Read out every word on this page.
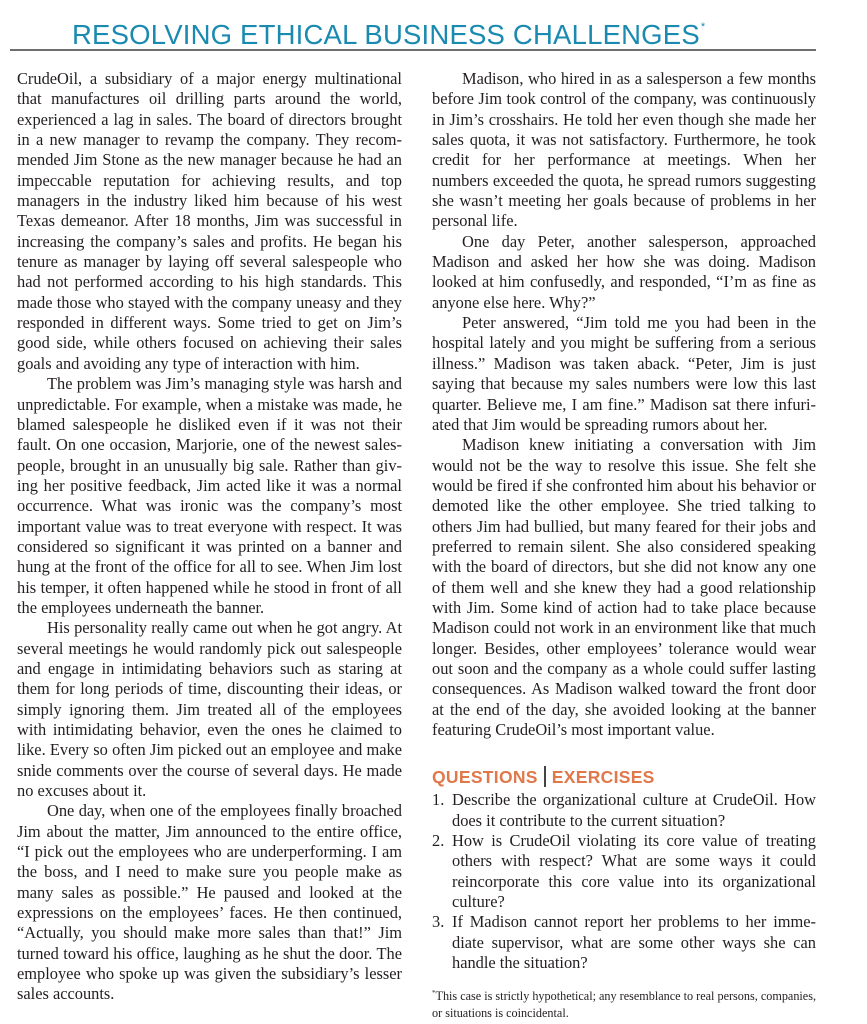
RESOLVING ETHICAL BUSINESS CHALLENGES*

CrudeOil, a subsidiary of a major energy multinational that manufactures oil drilling parts around the world, experienced a lag in sales. The board of directors brought in a new manager to revamp the company. They recommended Jim Stone as the new manager because he had an impeccable reputation for achieving results, and top managers in the industry liked him because of his west Texas demeanor. After 18 months, Jim was successful in increasing the company’s sales and profits. He began his tenure as manager by laying off several salespeople who had not performed according to his high standards. This made those who stayed with the company uneasy and they responded in different ways. Some tried to get on Jim’s good side, while others focused on achieving their sales goals and avoiding any type of interaction with him.

The problem was Jim’s managing style was harsh and unpredictable. For example, when a mistake was made, he blamed salespeople he disliked even if it was not their fault. On one occasion, Marjorie, one of the newest salespeople, brought in an unusually big sale. Rather than giving her positive feedback, Jim acted like it was a normal occurrence. What was ironic was the company’s most important value was to treat everyone with respect. It was considered so significant it was printed on a banner and hung at the front of the office for all to see. When Jim lost his temper, it often happened while he stood in front of all the employees underneath the banner.

His personality really came out when he got angry. At several meetings he would randomly pick out salespeople and engage in intimidating behaviors such as staring at them for long periods of time, discounting their ideas, or simply ignoring them. Jim treated all of the employees with intimidating behavior, even the ones he claimed to like. Every so often Jim picked out an employee and make snide comments over the course of several days. He made no excuses about it.

One day, when one of the employees finally broached Jim about the matter, Jim announced to the entire office, “I pick out the employees who are underperforming. I am the boss, and I need to make sure you people make as many sales as possible.” He paused and looked at the expressions on the employees’ faces. He then continued, “Actually, you should make more sales than that!” Jim turned toward his office, laughing as he shut the door. The employee who spoke up was given the subsidiary’s lesser sales accounts.

Madison, who hired in as a salesperson a few months before Jim took control of the company, was continuously in Jim’s crosshairs. He told her even though she made her sales quota, it was not satisfactory. Furthermore, he took credit for her performance at meetings. When her numbers exceeded the quota, he spread rumors suggesting she wasn’t meeting her goals because of problems in her personal life.

One day Peter, another salesperson, approached Madison and asked her how she was doing. Madison looked at him confusedly, and responded, “I’m as fine as anyone else here. Why?”

Peter answered, “Jim told me you had been in the hospital lately and you might be suffering from a serious illness.” Madison was taken aback. “Peter, Jim is just saying that because my sales numbers were low this last quarter. Believe me, I am fine.” Madison sat there infuriated that Jim would be spreading rumors about her.

Madison knew initiating a conversation with Jim would not be the way to resolve this issue. She felt she would be fired if she confronted him about his behavior or demoted like the other employee. She tried talking to others Jim had bullied, but many feared for their jobs and preferred to remain silent. She also considered speaking with the board of directors, but she did not know any one of them well and she knew they had a good relationship with Jim. Some kind of action had to take place because Madison could not work in an environment like that much longer. Besides, other employees’ tolerance would wear out soon and the company as a whole could suffer lasting consequences. As Madison walked toward the front door at the end of the day, she avoided looking at the banner featuring CrudeOil’s most important value.

QUESTIONS EXERCISES
1. Describe the organizational culture at CrudeOil. How does it contribute to the current situation?
2. How is CrudeOil violating its core value of treating others with respect? What are some ways it could reincorporate this core value into its organizational culture?
3. If Madison cannot report her problems to her immediate supervisor, what are some other ways she can handle the situation?
*This case is strictly hypothetical; any resemblance to real persons, companies, or situations is coincidental.
